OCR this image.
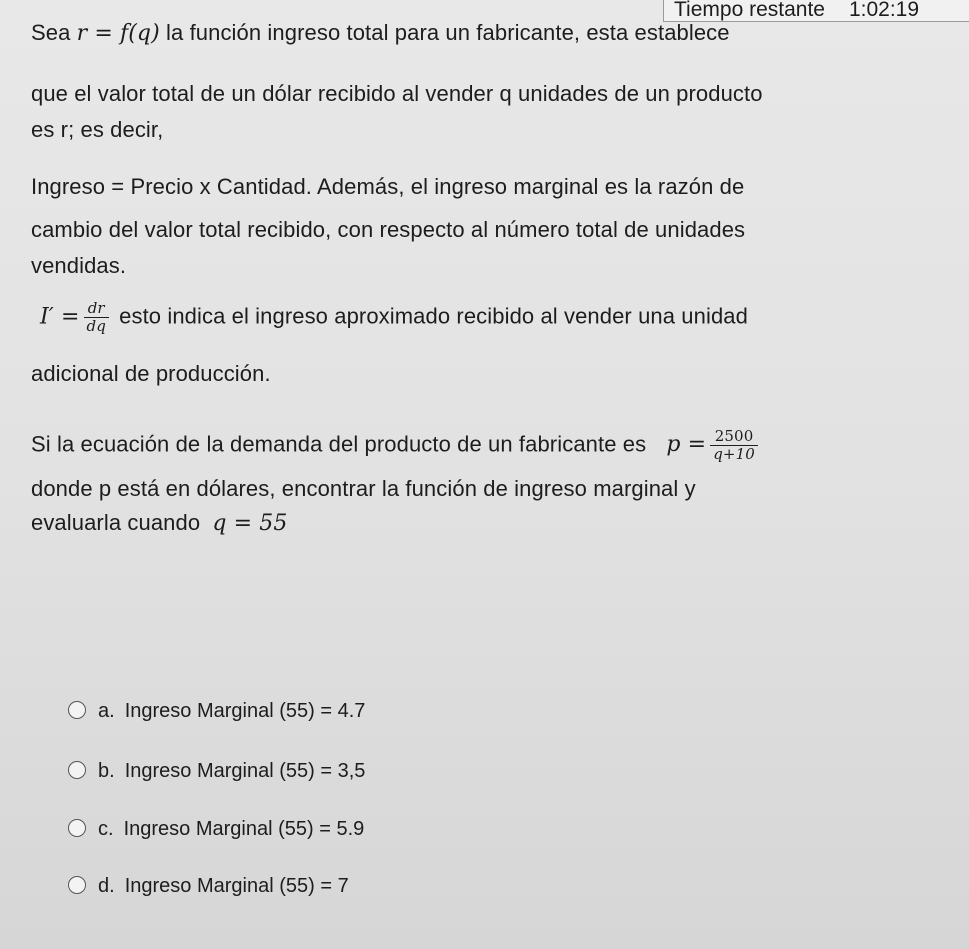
Tiempo restante 1:02:19

Sea r = f(q) la función ingreso total para un fabricante, esta establece

que el valor total de un dólar recibido al vender q unidades de un producto

es r; es decir,

Ingreso = Precio x Cantidad. Además, el ingreso marginal es la razón de

cambio del valor total recibido, con respecto al número total de unidades

vendidas.

$I' = \frac{dr}{dq}$ esto indica el ingreso aproximado recibido al vender una unidad

adicional de producción.

Si la ecuación de la demanda del producto de un fabricante es $p = \frac{2500}{q+10}$

donde p está en dólares, encontrar la función de ingreso marginal y

evaluarla cuando q = 55

a. Ingreso Marginal (55) = 4.7
b. Ingreso Marginal (55) = 3,5
c. Ingreso Marginal (55) = 5.9
d. Ingreso Marginal (55) = 7
